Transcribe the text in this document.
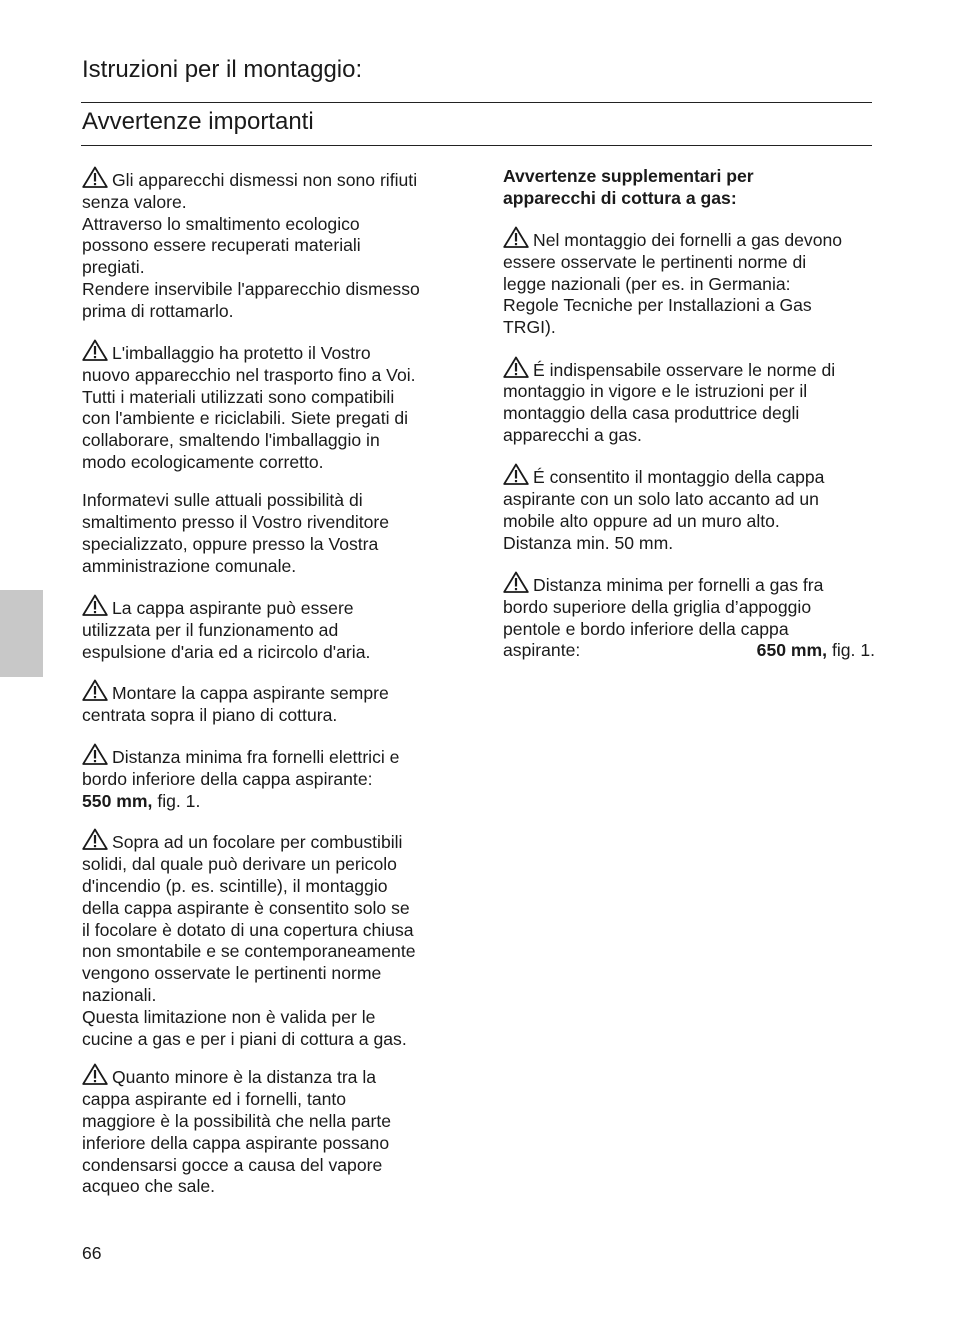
Istruzioni per il montaggio:
Avvertenze importanti
Gli apparecchi dismessi non sono rifiuti
senza valore.
Attraverso lo smaltimento ecologico
possono essere recuperati materiali
pregiati.
Rendere inservibile l'apparecchio dismesso
prima di rottamarlo.
L'imballaggio ha protetto il Vostro
nuovo apparecchio nel trasporto fino a Voi.
Tutti i materiali utilizzati sono compatibili
con l'ambiente e riciclabili. Siete pregati di
collaborare, smaltendo l'imballaggio in
modo ecologicamente corretto.
Informatevi sulle attuali possibilità di
smaltimento presso il Vostro rivenditore
specializzato, oppure presso la Vostra
amministrazione comunale.
La cappa aspirante può essere
utilizzata per il funzionamento ad
espulsione d'aria ed a ricircolo d'aria.
Montare la cappa aspirante sempre
centrata sopra il piano di cottura.
Distanza minima fra fornelli elettrici e
bordo inferiore della cappa aspirante:
550 mm, fig. 1.
Sopra ad un focolare per combustibili
solidi, dal quale può derivare un pericolo
d'incendio (p. es. scintille), il montaggio
della cappa aspirante è consentito solo se
il focolare è dotato di una copertura chiusa
non smontabile e se contemporaneamente
vengono osservate le pertinenti norme
nazionali.
Questa limitazione non è valida per le
cucine a gas e per i piani di cottura a gas.
Quanto minore è la distanza tra la
cappa aspirante ed i fornelli, tanto
maggiore è la possibilità che nella parte
inferiore della cappa aspirante possano
condensarsi gocce a causa del vapore
acqueo che sale.
Avvertenze supplementari per
apparecchi di cottura a gas:
Nel montaggio dei fornelli a gas devono
essere osservate le pertinenti norme di
legge nazionali (per es. in Germania:
Regole Tecniche per Installazioni a Gas
TRGI).
É indispensabile osservare le norme di
montaggio in vigore e le istruzioni per il
montaggio della casa produttrice degli
apparecchi a gas.
É consentito il montaggio della cappa
aspirante con un solo lato accanto ad un
mobile alto oppure ad un muro alto.
Distanza min. 50 mm.
Distanza minima per fornelli a gas fra
bordo superiore della griglia d’appoggio
pentole e bordo inferiore della cappa
aspirante:	650 mm, fig. 1.
66
